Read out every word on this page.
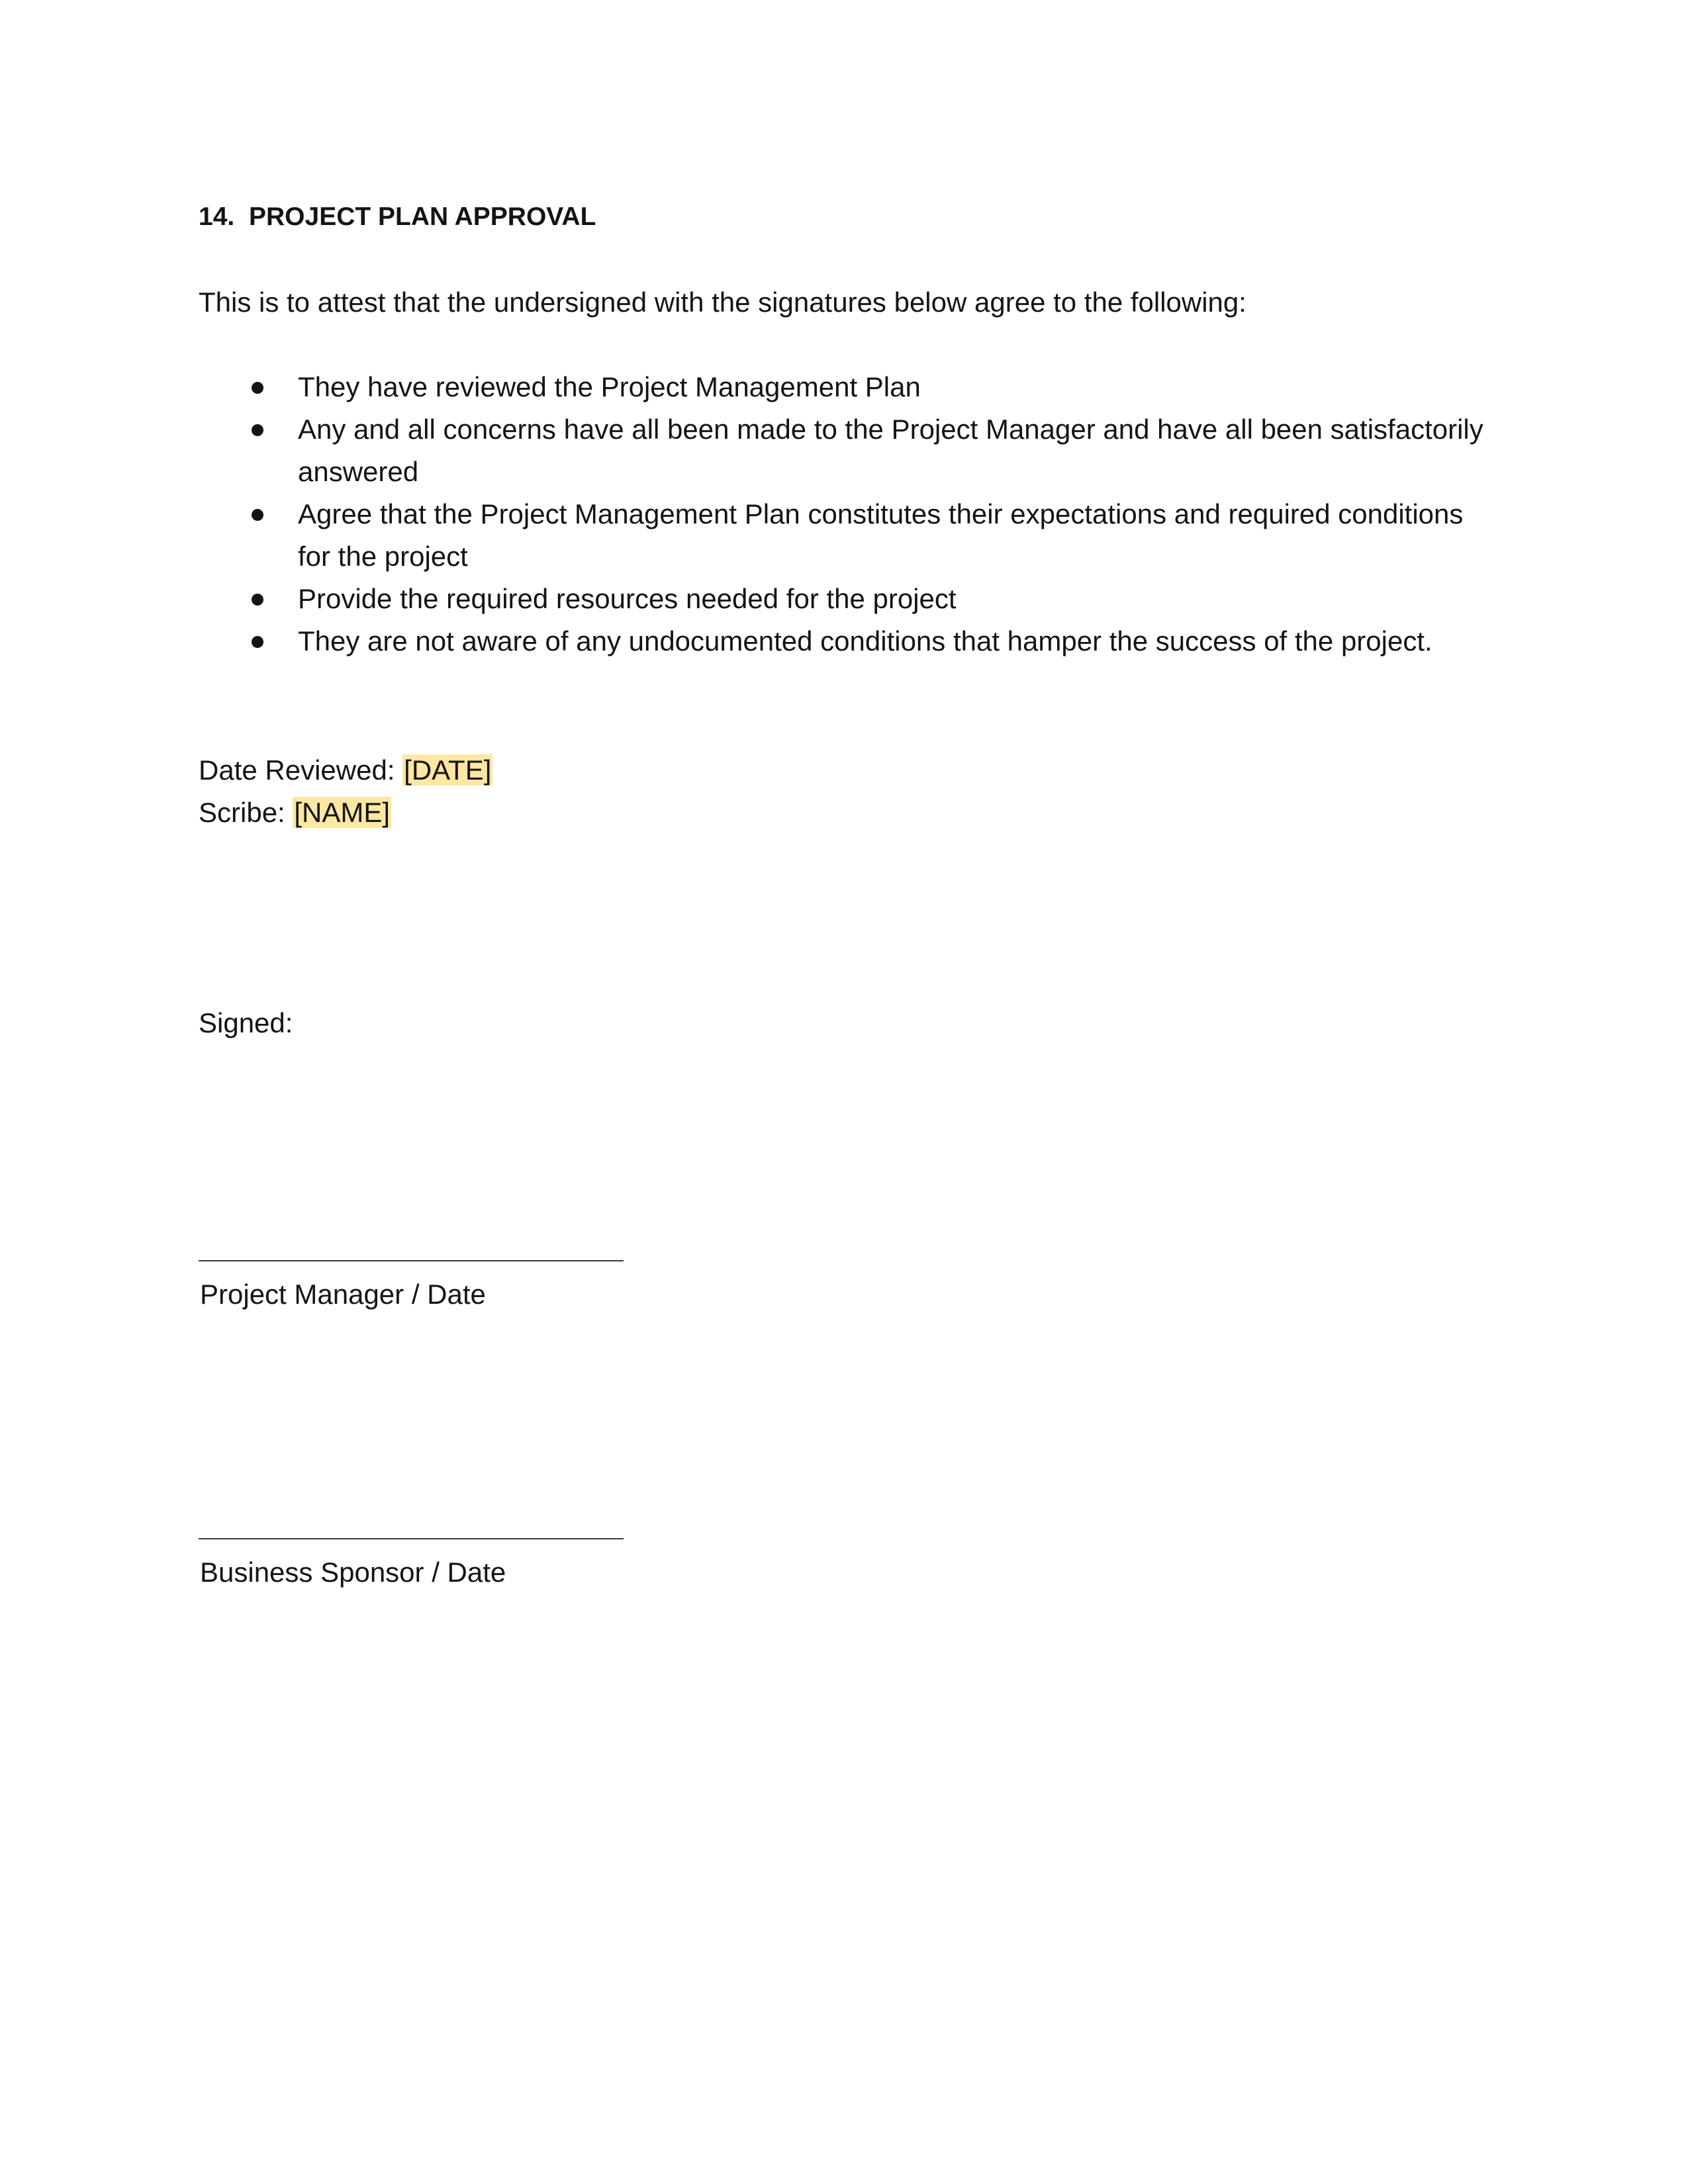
14. PROJECT PLAN APPROVAL
This is to attest that the undersigned with the signatures below agree to the following:
They have reviewed the Project Management Plan
Any and all concerns have all been made to the Project Manager and have all been satisfactorily answered
Agree that the Project Management Plan constitutes their expectations and required conditions for the project
Provide the required resources needed for the project
They are not aware of any undocumented conditions that hamper the success of the project.
Date Reviewed: [DATE]
Scribe: [NAME]
Signed:
Project Manager / Date
Business Sponsor / Date
